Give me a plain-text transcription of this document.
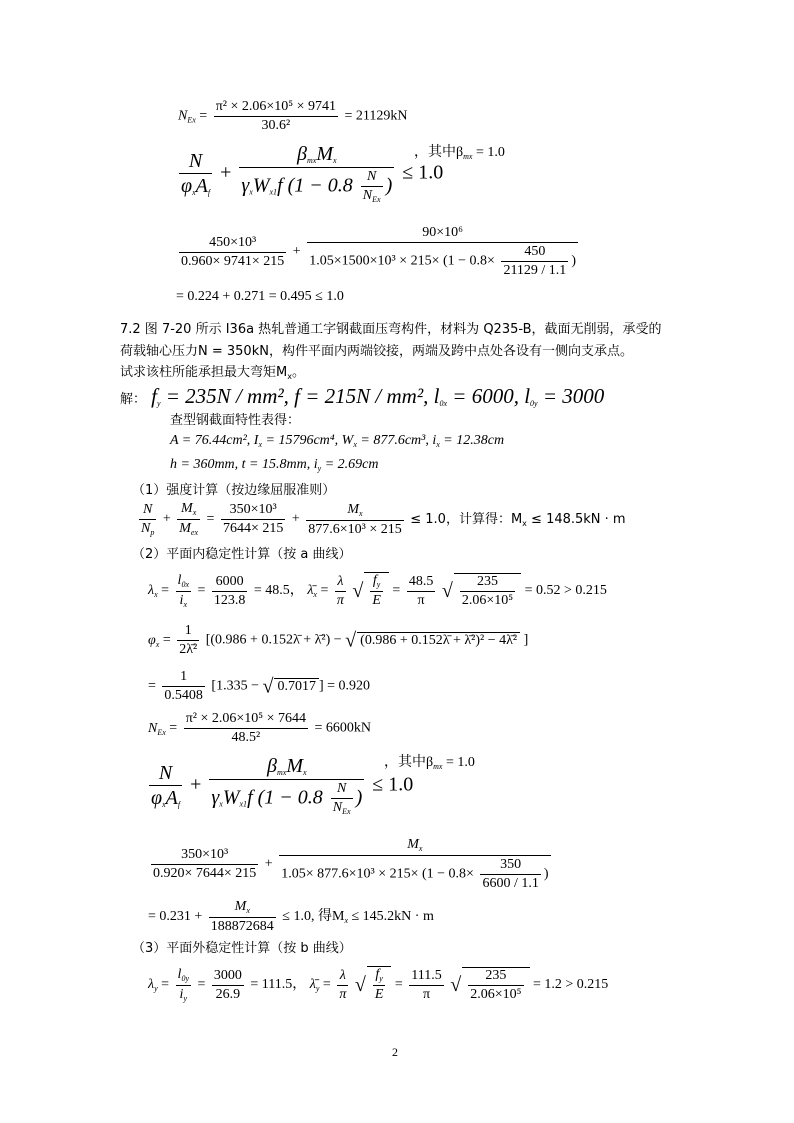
$N_{Ex} = \frac{\text{π² × 2.06×10⁵ × 9741}}{\text{30.6²}} = 21129kN$
$\frac{N}{\varphi_xA_f} + \frac{\beta_{mx}M_x}{\gamma_xW_{x1}f (1 - 0.8 \frac{N}{N_{Ex}} )} \le 1.0$
，其中$\beta_{mx} = 1.0$
$\frac{\text{450×10³}}{0.960\times 9741\times 215} + \frac{\text{90×10⁶}}{1.05\times 1500\times 10^3 \times 215\times (1 - 0.8\times \frac{450}{21129 / 1.1} )}$
= 0.224 + 0.271 = 0.495 ≤ 1.0
7.2 图 7-20 所示 I36a 热轧普通工字钢截面压弯构件，材料为 Q235-B，截面无削弱，承受的
荷载轴心压力N = 350kN，构件平面内两端铰接，两端及跨中点处各设有一侧向支承点。
试求该柱所能承担最大弯矩$M_x$。
解： $f_y = 235N / mm^2$, f = 215N / mm², $l_{0x} = 6000$, $l_{0y} = 3000$
查型钢截面特性表得：
A = 76.44cm², $I_x = 15796cm^4$, $W_x = 877.6cm^3$, $i_x = 12.38cm$
h = 360mm, t = 15.8mm, $i_y = 2.69cm$
（1）强度计算（按边缘屈服准则）
$\frac{N}{N_p} + \frac{M_x}{M_{ex}} = \frac{\text{350×10³}}{7644\times 215} + \frac{M_x}{\text{877.6×10³ × 215}} \le 1.0$，计算得：$M_x \le 148.5kN \cdot m$
（2）平面内稳定性计算（按 a 曲线）
$\lambda_x = \frac{l_{0x}}{i_x} = \frac{6000}{123.8} = 48.5$， $\lambdā_x = \frac{\lambda}{\pi}$ √ $\frac{f_y}{E} = \frac{48.5}{\pi}$ √ $\frac{235}{\text{2.06×10⁵}} = 0.52 > 0.215$
$\varphi_x = \frac{1}{\text{2λ̄²}} [(0.986$ + 0.152λ̄ + λ̄²) − √ (0.986 + 0.152λ̄ + λ̄²)² − 4λ̄² ]
= $\frac{1}{0.5408} [1.335$ − √ 0.7017 ] = 0.920
$N_{Ex} = \frac{\text{π² × 2.06×10⁵ × 7644}}{\text{48.5²}} = 6600kN$
$\frac{N}{\varphi_xA_f} + \frac{\beta_{mx}M_x}{\gamma_xW_{x1}f (1 - 0.8 \frac{N}{N_{Ex}} )} \le 1.0$
，其中$\beta_{mx} = 1.0$
$\frac{\text{350×10³}}{0.920\times 7644\times 215} + \frac{M_x}{1.05\times 877.6\times 10^3 \times 215\times (1 - 0.8\times \frac{350}{6600 / 1.1} )}$
= $0.231 + \frac{M_x}{188872684} \le 1.0$, 得$M_x \le 145.2kN \cdot m$
（3）平面外稳定性计算（按 b 曲线）
$\lambda_y = \frac{l_{0y}}{i_y} = \frac{3000}{26.9} = 111.5$， $\lambdā_y = \frac{\lambda}{\pi}$ √ $\frac{f_y}{E} = \frac{111.5}{\pi}$ √ $\frac{235}{\text{2.06×10⁵}} = 1.2 > 0.215$
2
